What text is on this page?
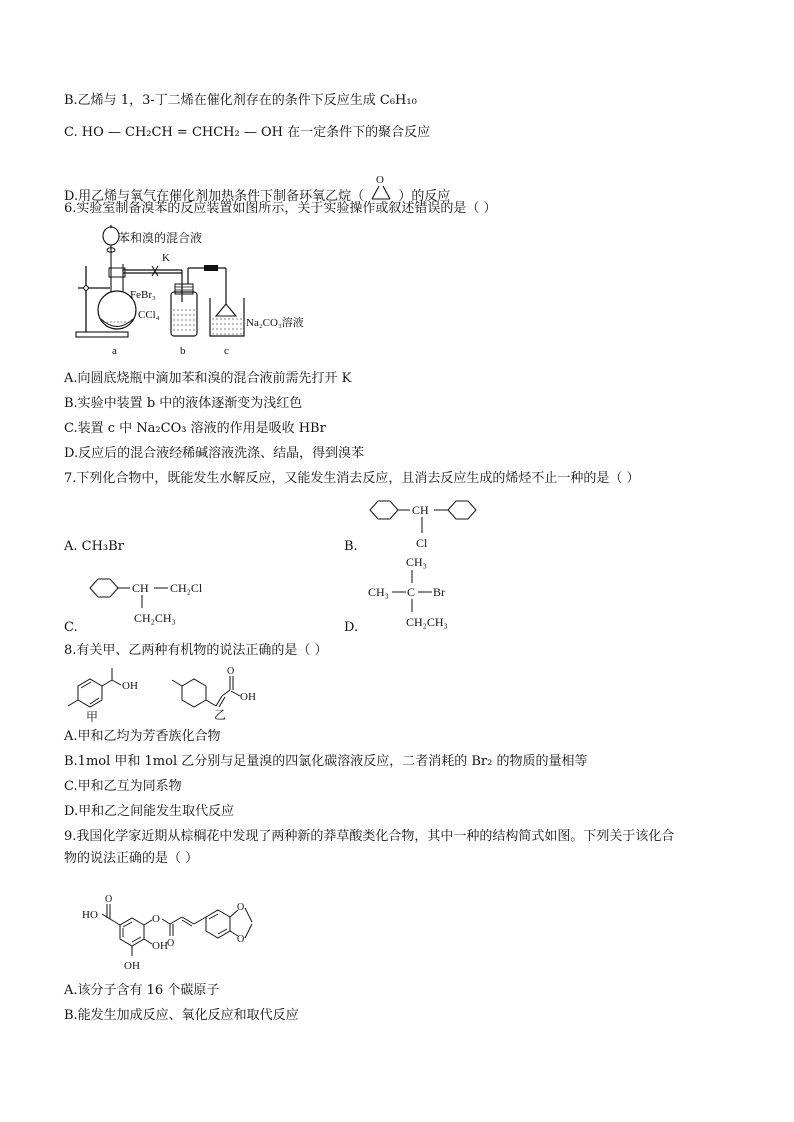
B.乙烯与 1，3-丁二烯在催化剂存在的条件下反应生成 C₆H₁₀
C. HO — CH₂CH = CHCH₂ — OH 在一定条件下的聚合反应
D.用乙烯与氧气在催化剂加热条件下制备环氧乙烷（
O
）的反应
6.实验室制备溴苯的反应装置如图所示，关于实验操作或叙述错误的是（ ）
苯和溴的混合液
K
FeBr₃
CCl₄
Na₂CO₃溶液
a	b	c
A.向圆底烧瓶中滴加苯和溴的混合液前需先打开 K
B.实验中装置 b 中的液体逐渐变为浅红色
C.装置 c 中 Na₂CO₃ 溶液的作用是吸收 HBr
D.反应后的混合液经稀碱溶液洗涤、结晶，得到溴苯
7.下列化合物中，既能发生水解反应，又能发生消去反应，且消去反应生成的烯烃不止一种的是（ ）
A. CH₃Br	B.
CH
Cl
C.
CH CH₂Cl
CH₂CH₃
D.
CH₃
CH₃ C Br
CH₂CH₃
8.有关甲、乙两种有机物的说法正确的是（ ）
OH
甲
O
OH
乙
A.甲和乙均为芳香族化合物
B.1mol 甲和 1mol 乙分别与足量溴的四氯化碳溶液反应，二者消耗的 Br₂ 的物质的量相等
C.甲和乙互为同系物
D.甲和乙之间能发生取代反应
9.我国化学家近期从棕榈花中发现了两种新的莽草酸类化合物，其中一种的结构简式如图。下列关于该化合
物的说法正确的是（ ）
HO
O
OH
OH
O
O
O
O
A.该分子含有 16 个碳原子
B.能发生加成反应、氧化反应和取代反应
